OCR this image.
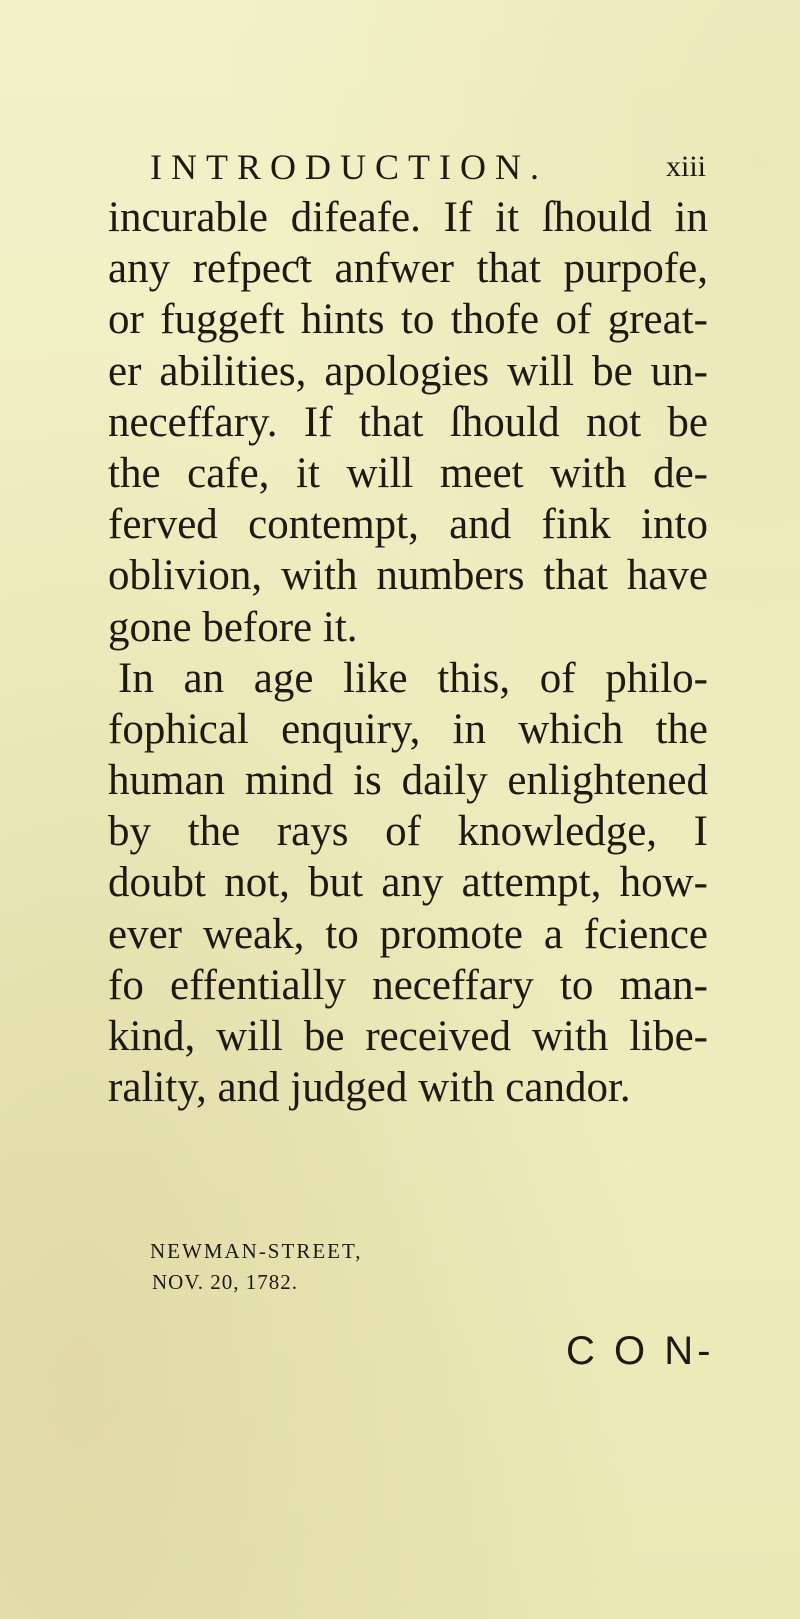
INTRODUCTION.	xiii
incurable difeafe. If it ſhould in
any refpeƈt anfwer that purpofe,
or fuggeft hints to thofe of great-
er abilities, apologies will be un-
neceffary. If that ſhould not be
the cafe, it will meet with de-
ferved contempt, and fink into
oblivion, with numbers that have
gone before it.
In an age like this, of philo-
fophical enquiry, in which the
human mind is daily enlightened
by the rays of knowledge, I
doubt not, but any attempt, how-
ever weak, to promote a fcience
fo effentially neceffary to man-
kind, will be received with libe-
rality, and judged with candor.
NEWMAN-STREET,
NOV. 20, 1782.
C O N-
